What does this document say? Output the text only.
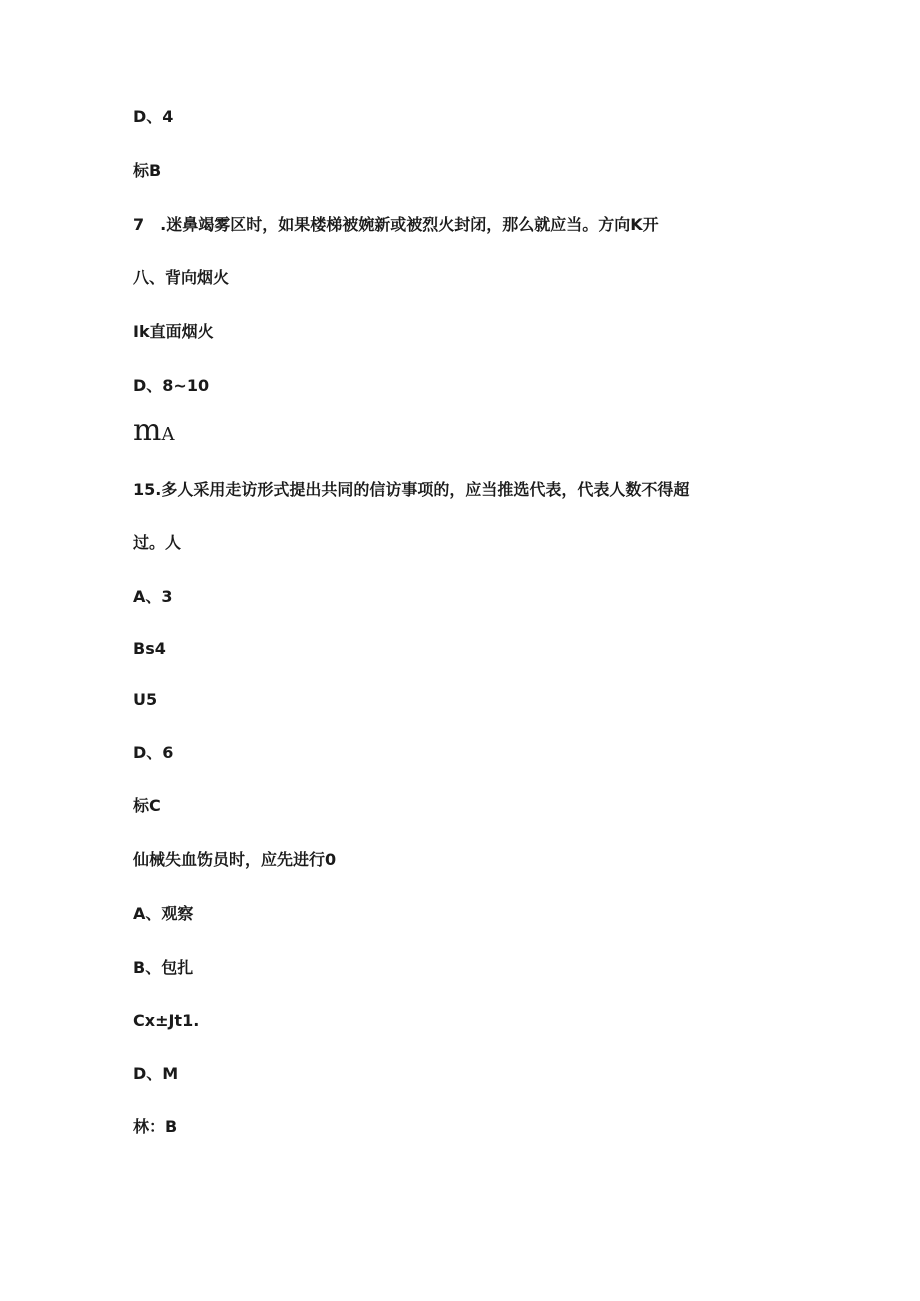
D、4
标B
7　.迷鼻竭雾区时，如果楼梯被婉新或被烈火封闭，那么就应当。方向K开
八、背向烟火
Ik直面烟火
D、8~10
mA
15.多人采用走访形式提出共同的信访事项的，应当推选代表，代表人数不得超
过。人
A、3
Bs4
U5
D、6
标C
仙械失血饬员时，应先进行0
A、观察
B、包扎
Cx±Jt1.
D、M
林：B
